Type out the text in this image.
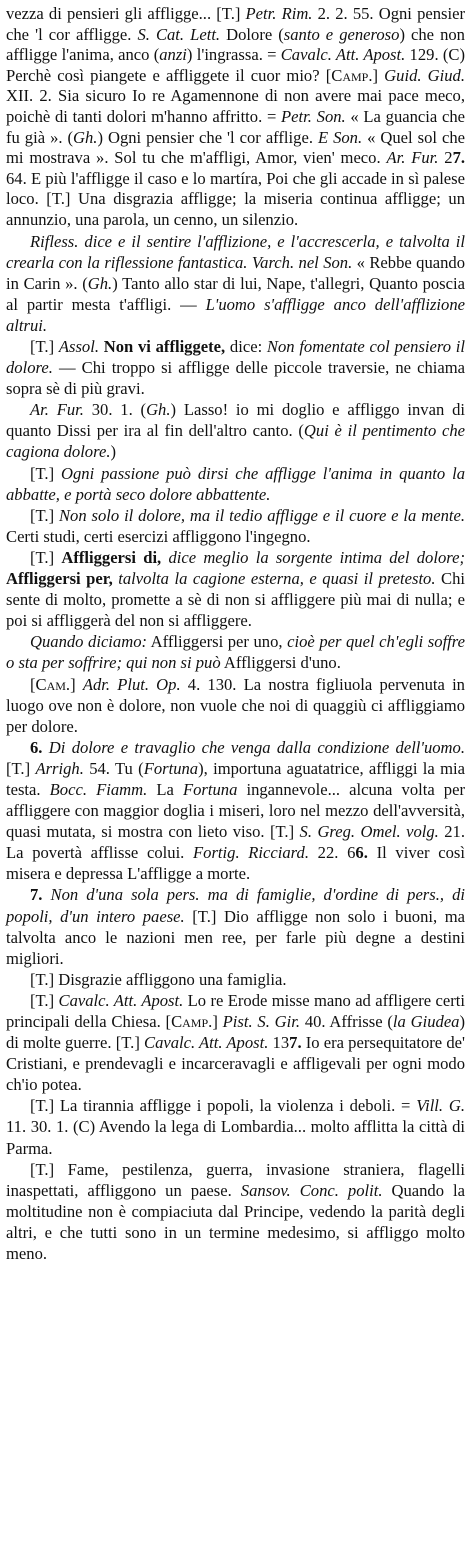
vezza di pensieri gli affligge... [T.] Petr. Rim. 2. 2. 55. Ogni pensier che 'l cor affligge. S. Cat. Lett. Dolore (santo e generoso) che non affligge l'anima, anco (anzi) l'ingrassa. = Cavalc. Att. Apost. 129. (C) Perchè così piangete e affliggete il cuor mio? [Camp.] Guid. Giud. XII. 2. Sia sicuro Io re Agamennone di non avere mai pace meco, poichè di tanti dolori m'hanno affritto. = Petr. Son. « La guancia che fu già ». (Gh.) Ogni pensier che 'l cor afflige. E Son. « Quel sol che mi mostrava ». Sol tu che m'affligi, Amor, vien' meco. Ar. Fur. 27. 64. E più l'affligge il caso e lo martíra, Poi che gli accade in sì palese loco. [T.] Una disgrazia affligge; la miseria continua affligge; un annunzio, una parola, un cenno, un silenzio.

Rifless. dice e il sentire l'afflizione, e l'accrescerla, e talvolta il crearla con la riflessione fantastica. Varch. nel Son. « Rebbe quando in Carin ». (Gh.) Tanto allo star di lui, Nape, t'allegri, Quanto poscia al partir mesta t'affligi. — L'uomo s'affligge anco dell'afflizione altrui.

[T.] Assol. Non vi affliggete, dice: Non fomentate col pensiero il dolore. — Chi troppo si affligge delle piccole traversie, ne chiama sopra sè di più gravi.

Ar. Fur. 30. 1. (Gh.) Lasso! io mi doglio e affliggo invan di quanto Dissi per ira al fin dell'altro canto. (Qui è il pentimento che cagiona dolore.)

[T.] Ogni passione può dirsi che affligge l'anima in quanto la abbatte, e portà seco dolore abbattente.

[T.] Non solo il dolore, ma il tedio affligge e il cuore e la mente. Certi studi, certi esercizi affliggono l'ingegno.

[T.] Affliggersi di, dice meglio la sorgente intima del dolore; Affliggersi per, talvolta la cagione esterna, e quasi il pretesto. Chi sente di molto, promette a sè di non si affliggere più mai di nulla; e poi si affliggerà del non si affliggere.

Quando diciamo: Affliggersi per uno, cioè per quel ch'egli soffre o sta per soffrire; qui non si può Affliggersi d'uno.

[Cam.] Adr. Plut. Op. 4. 130. La nostra figliuola pervenuta in luogo ove non è dolore, non vuole che noi di quaggiù ci affliggiamo per dolore.

6. Di dolore e travaglio che venga dalla condizione dell'uomo. [T.] Arrigh. 54. Tu (Fortuna), importuna aguatatrice, affliggi la mia testa. Bocc. Fiamm. La Fortuna ingannevole... alcuna volta per affliggere con maggior doglia i miseri, loro nel mezzo dell'avversità, quasi mutata, si mostra con lieto viso. [T.] S. Greg. Omel. volg. 21. La povertà afflisse colui. Fortig. Ricciard. 22. 66. Il viver così misera e depressa L'affligge a morte.

7. Non d'una sola pers. ma di famiglie, d'ordine di pers., di popoli, d'un intero paese. [T.] Dio affligge non solo i buoni, ma talvolta anco le nazioni men ree, per farle più degne a destini migliori.

[T.] Disgrazie affliggono una famiglia.

[T.] Cavalc. Att. Apost. Lo re Erode misse mano ad affligere certi principali della Chiesa. [Camp.] Pist. S. Gir. 40. Affrisse (la Giudea) di molte guerre. [T.] Cavalc. Att. Apost. 137. Io era persequitatore de' Cristiani, e prendevagli e incarceravagli e affligevali per ogni modo ch'io potea.

[T.] La tirannia affligge i popoli, la violenza i deboli. = Vill. G. 11. 30. 1. (C) Avendo la lega di Lombardia... molto afflitta la città di Parma.

[T.] Fame, pestilenza, guerra, invasione straniera, flagelli inaspettati, affliggono un paese. Sansov. Conc. polit. Quando la moltitudine non è compiaciuta dal Principe, vedendo la parità degli altri, e che tutti sono in un termine medesimo, si affliggo molto meno.
